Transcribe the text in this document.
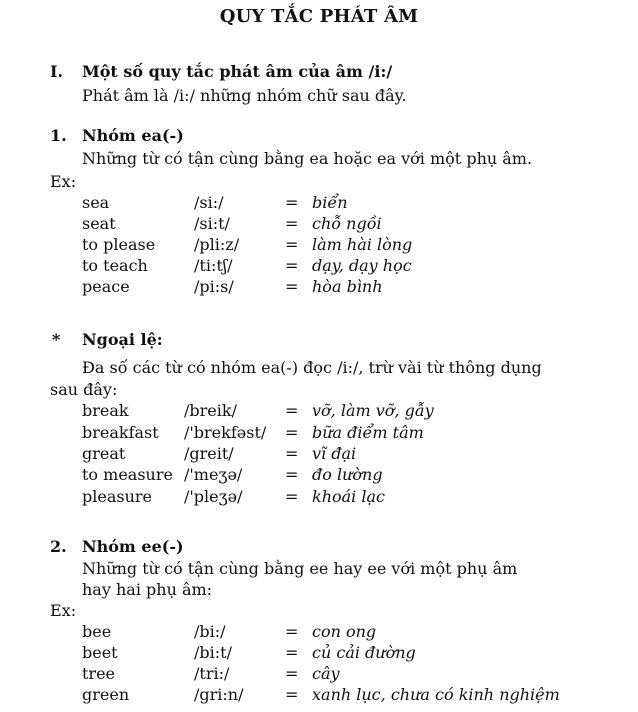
QUY TẮC PHÁT ÂM
I. Một số quy tắc phát âm của âm /i:/
Phát âm là /i:/ những nhóm chữ sau đây.
1. Nhóm ea(-)
Những từ có tận cùng bằng ea hoặc ea với một phụ âm.
Ex:
sea	/si:/	= biển
seat	/si:t/	= chỗ ngồi
to please /pli:z/	= làm hài lòng
to teach	/ti:tʃ/	= dạy, dạy học
peace	/pi:s/	= hòa bình
* Ngoại lệ:
Đa số các từ có nhóm ea(-) đọc /i:/, trừ vài từ thông dụng
sau đây:
break	/breik/	= vỡ, làm vỡ, gẫy
breakfast /'brekfəst/ = bữa điểm tâm
great	/greit/	= vĩ đại
to measure /'meʒə/	= đo lường
pleasure /'pleʒə/	= khoái lạc
2. Nhóm ee(-)
Những từ có tận cùng bằng ee hay ee với một phụ âm
hay hai phụ âm:
Ex:
bee	/bi:/	= con ong
beet	/bi:t/	= củ cải đường
tree	/tri:/	= cây
green	/gri:n/	= xanh lục, chưa có kinh nghiệm
